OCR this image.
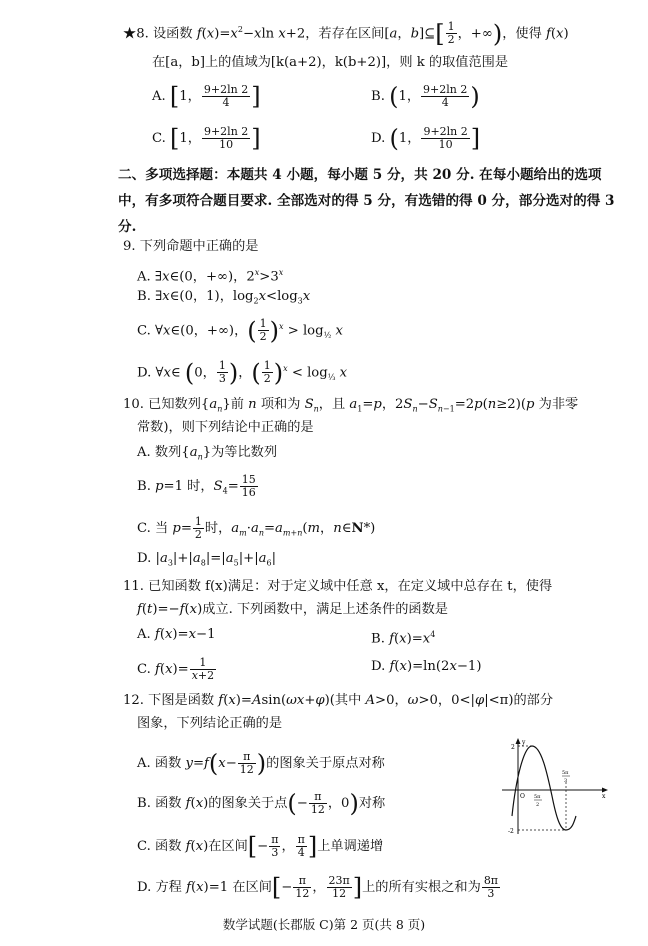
★8. 设函数 $f(x)=x^2-xln$ x+2，若存在区间[a，b]⊆[ $\frac{1}{2}$ ，+∞)，使得 f(x)
在[a，b]上的值域为[k(a+2)，k(b+2)]，则 k 的取值范围是
A. [1， $\frac{9+2\ln 2}{4}$ ]	B. (1， $\frac{9+2\ln 2}{4}$ )
C. [1， $\frac{9+2\ln 2}{10}$ ]	D. (1， $\frac{9+2\ln 2}{10}$ ]
二、多项选择题：本题共 4 小题，每小题 5 分，共 20 分. 在每小题给出的选项中，有多项符合题目要求. 全部选对的得 5 分，有选错的得 0 分，部分选对的得 3 分.
9. 下列命题中正确的是
A. ∃x∈(0，+∞)，$2^x>3^x$
B. ∃x∈(0，1)，$\log_2x<\log_3x$
C. ∀x∈(0，+∞)，( $\frac{1}{2} )^x > \log_{\frac{1}{2}} x$
D. ∀x∈ (0， $\frac{1}{3}$ )，( $\frac{1}{2} )^x < \log_{\frac{1}{3}} x$
10. 已知数列$\{a_n\}$前 n 项和为 $S_n$，且 $a_1=p$，$2S_n-S_{n-1}=2p(n\ge 2)(p$ 为非零
常数)，则下列结论中正确的是
A. 数列$\{a_n\}$为等比数列
B. p=1 时，$S_4= \frac{15}{16}$
C. 当 $p= \frac{1}{2}$ 时，$a_m\cdot a_n=a_{m+n}(m$，n∈N*)
D. $|a_3|+|a_8|=|a_5|+|a_6|$
11. 已知函数 f(x)满足：对于定义域中任意 x，在定义域中总存在 t，使得
f(t)=−f(x)成立. 下列函数中，满足上述条件的函数是
A. f(x)=x−1	B. $f(x)=x^4$
C. $f(x)= \frac{1}{x+2}$	D. f(x)=ln(2x−1)
12. 下图是函数 f(x)=Asin(ωx+φ)(其中 A>0，ω>0，0<|φ|<π)的部分
图象，下列结论正确的是
A. 函数 $y=f(x- \frac{\pi}{12}$ )的图象关于原点对称
B. 函数 f(x)的图象关于点(− $\frac{\pi}{12}$ ，0)对称
C. 函数 f(x)在区间[− $\frac{\pi}{3}$ ， $\frac{\pi}{4}$ ]上单调递增
D. 方程 f(x)=1 在区间[− $\frac{\pi}{12}$ ， $\frac{23\pi}{12}$ ]上的所有实根之和为 $\frac{8\pi}{3}$
y
2
-2
O	x
5π
2
5π
3
数学试题(长郡版 C)第 2 页(共 8 页)
